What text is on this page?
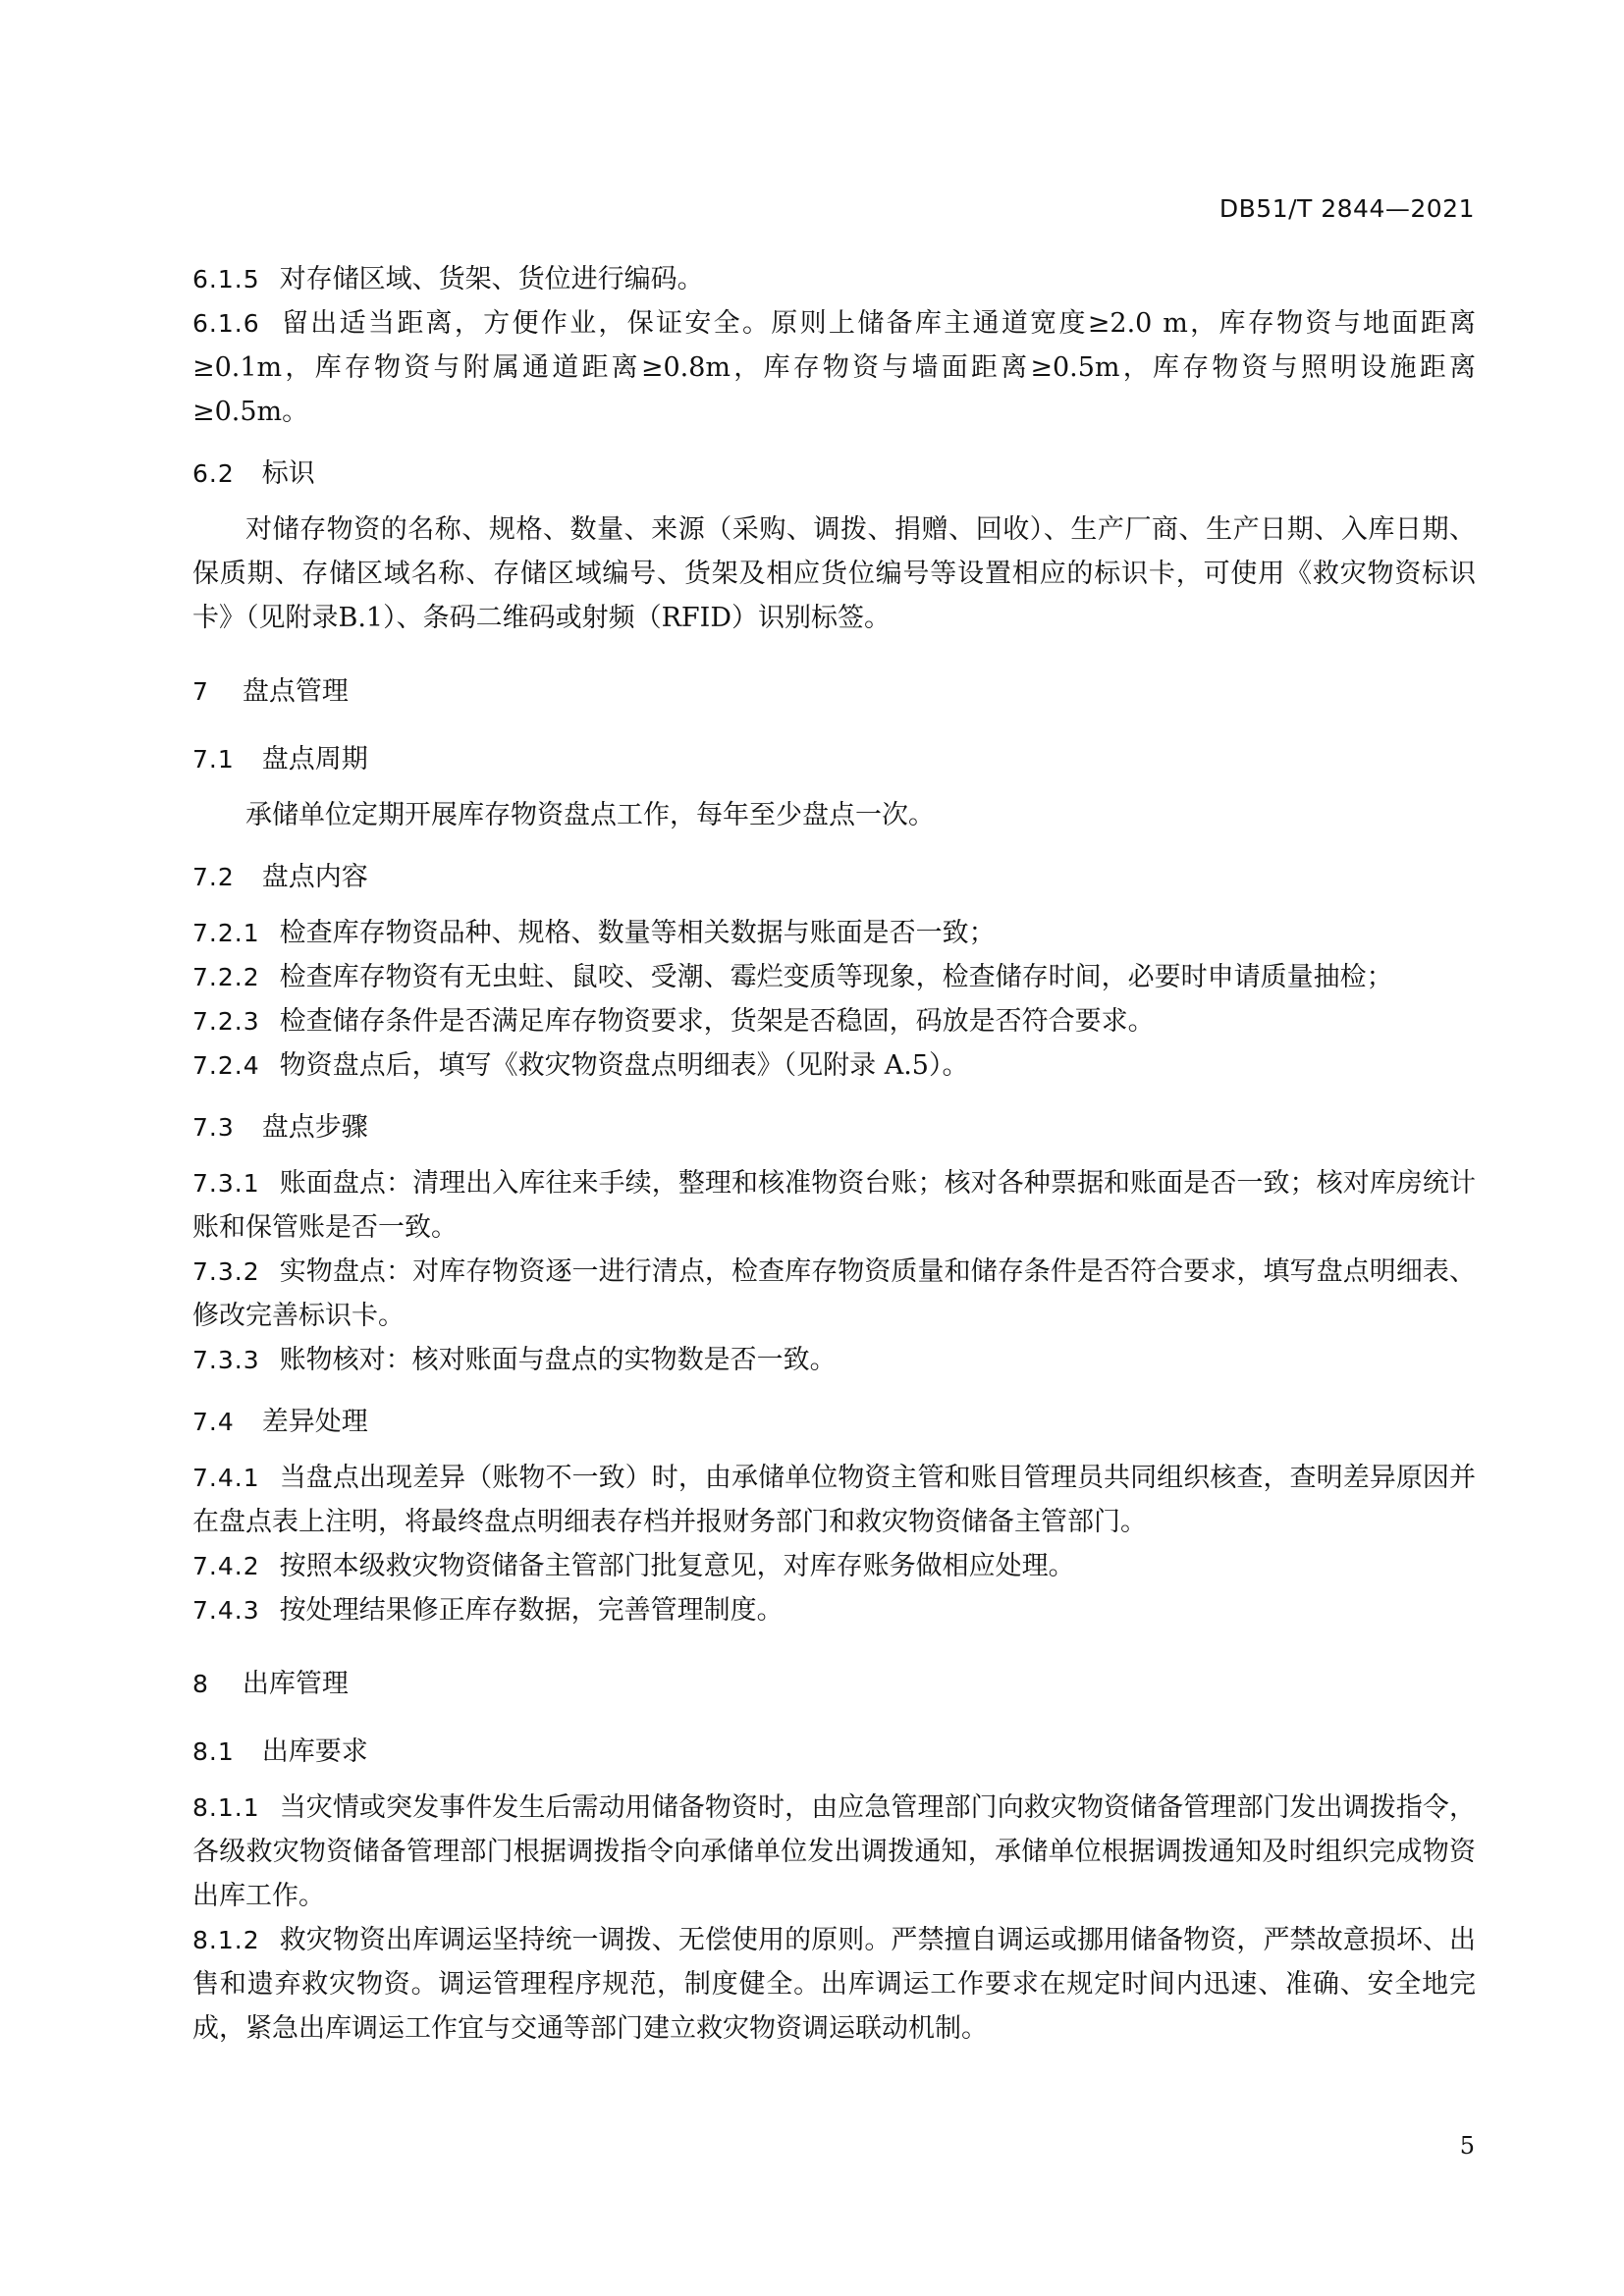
DB51/T 2844—2021

6.1.5 对存储区域、货架、货位进行编码。

6.1.6 留出适当距离，方便作业，保证安全。原则上储备库主通道宽度≥2.0 m，库存物资与地面距离≥0.1m，库存物资与附属通道距离≥0.8m，库存物资与墙面距离≥0.5m，库存物资与照明设施距离≥0.5m。

6.2 标识

对储存物资的名称、规格、数量、来源（采购、调拨、捐赠、回收）、生产厂商、生产日期、入库日期、保质期、存储区域名称、存储区域编号、货架及相应货位编号等设置相应的标识卡，可使用《救灾物资标识卡》（见附录B.1）、条码二维码或射频（RFID）识别标签。

7 盘点管理
7.1 盘点周期

承储单位定期开展库存物资盘点工作，每年至少盘点一次。

7.2 盘点内容

7.2.1 检查库存物资品种、规格、数量等相关数据与账面是否一致；

7.2.2 检查库存物资有无虫蛀、鼠咬、受潮、霉烂变质等现象，检查储存时间，必要时申请质量抽检；

7.2.3 检查储存条件是否满足库存物资要求，货架是否稳固，码放是否符合要求。

7.2.4 物资盘点后，填写《救灾物资盘点明细表》（见附录 A.5）。

7.3 盘点步骤

7.3.1 账面盘点：清理出入库往来手续，整理和核准物资台账；核对各种票据和账面是否一致；核对库房统计账和保管账是否一致。

7.3.2 实物盘点：对库存物资逐一进行清点，检查库存物资质量和储存条件是否符合要求，填写盘点明细表、修改完善标识卡。

7.3.3 账物核对：核对账面与盘点的实物数是否一致。

7.4 差异处理

7.4.1 当盘点出现差异（账物不一致）时，由承储单位物资主管和账目管理员共同组织核查，查明差异原因并在盘点表上注明，将最终盘点明细表存档并报财务部门和救灾物资储备主管部门。

7.4.2 按照本级救灾物资储备主管部门批复意见，对库存账务做相应处理。

7.4.3 按处理结果修正库存数据，完善管理制度。

8 出库管理
8.1 出库要求

8.1.1 当灾情或突发事件发生后需动用储备物资时，由应急管理部门向救灾物资储备管理部门发出调拨指令，各级救灾物资储备管理部门根据调拨指令向承储单位发出调拨通知，承储单位根据调拨通知及时组织完成物资出库工作。

8.1.2 救灾物资出库调运坚持统一调拨、无偿使用的原则。严禁擅自调运或挪用储备物资，严禁故意损坏、出售和遗弃救灾物资。调运管理程序规范，制度健全。出库调运工作要求在规定时间内迅速、准确、安全地完成，紧急出库调运工作宜与交通等部门建立救灾物资调运联动机制。

5
